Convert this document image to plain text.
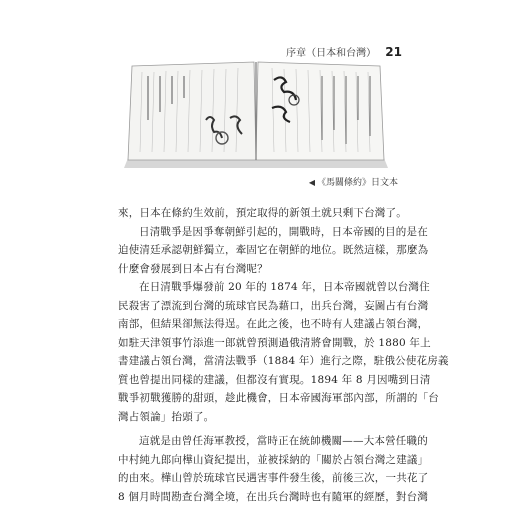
序章（日本和台灣） 21
◀ 《馬關條約》日文本

來，日本在條約生效前，預定取得的新領土就只剩下台灣了。

日清戰爭是因爭奪朝鮮引起的，開戰時，日本帝國的目的是在
迫使清廷承認朝鮮獨立，牽固它在朝鮮的地位。既然這樣，那麼為
什麼會發展到日本占有台灣呢？

在日清戰爭爆發前 20 年的 1874 年，日本帝國就曾以台灣住
民殺害了漂流到台灣的琉球官民為藉口，出兵台灣，妄圖占有台灣
南部，但結果卻無法得逞。在此之後，也不時有人建議占領台灣，
如駐天津領事竹添進一郎就曾預測過俄清將會開戰，於 1880 年上
書建議占領台灣，當清法戰爭（1884 年）進行之際，駐俄公使花房義
質也曾提出同樣的建議，但都沒有實現。1894 年 8 月因嘴到日清
戰爭初戰獲勝的甜頭，趁此機會，日本帝國海軍部內部，所謂的「台
灣占領論」抬頭了。

這就是由曾任海軍教授，當時正在統帥機關——大本營任職的
中村純九郎向樺山資紀提出，並被採納的「關於占領台灣之建議」
的由來。樺山曾於琉球官民遇害事件發生後，前後三次，一共花了
8 個月時間勘查台灣全境，在出兵台灣時也有隨軍的經歷，對台灣
